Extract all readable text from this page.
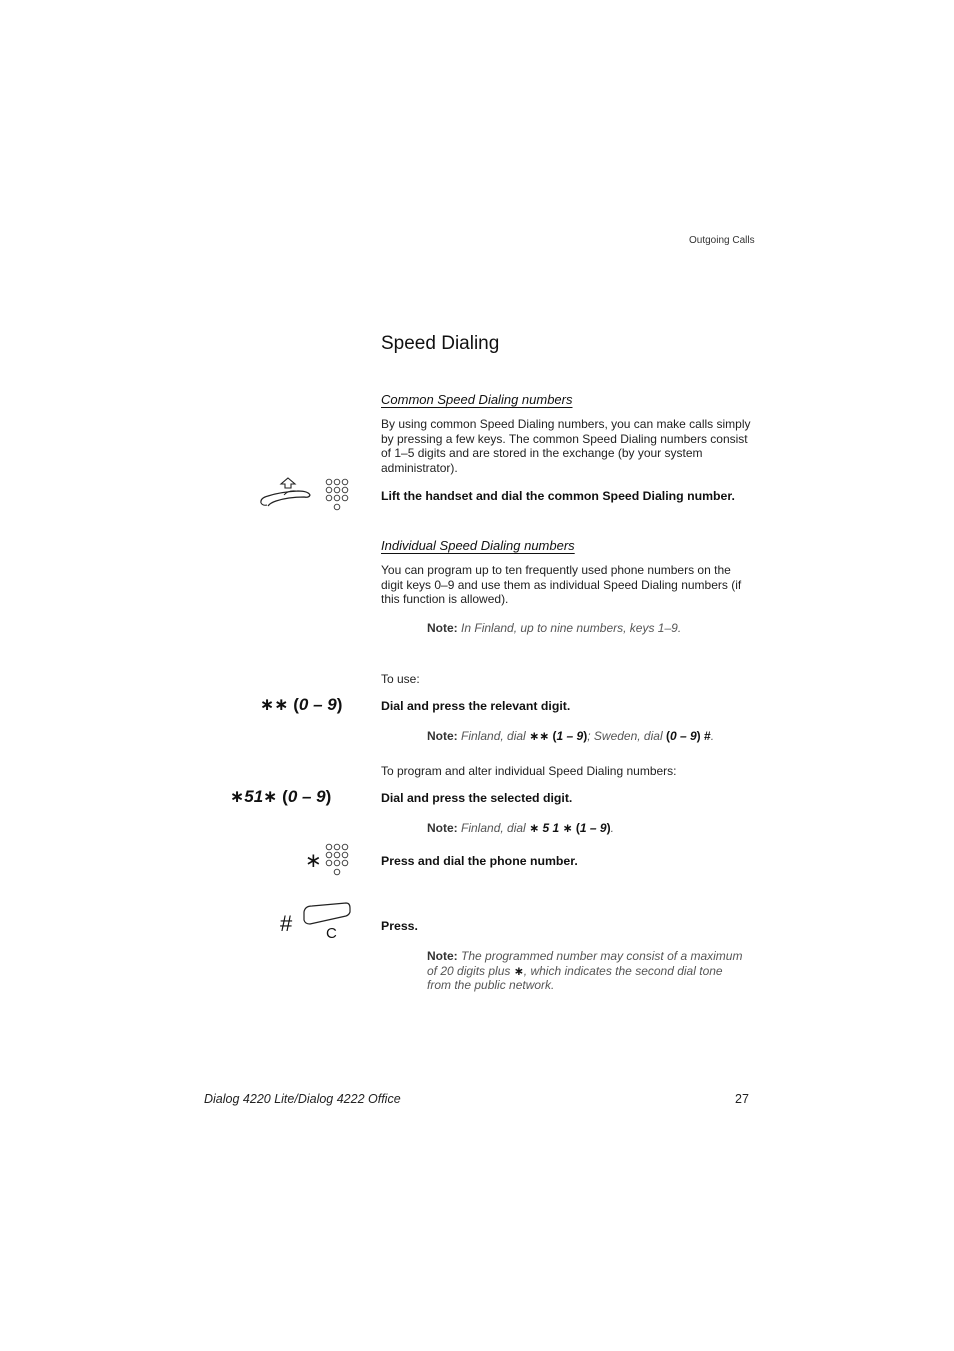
Outgoing Calls
Speed Dialing
Common Speed Dialing numbers
By using common Speed Dialing numbers, you can make calls simply by pressing a few keys. The common Speed Dialing numbers consist of 1–5 digits and are stored in the exchange (by your system administrator).
Lift the handset and dial the common Speed Dialing number.
Individual Speed Dialing numbers
You can program up to ten frequently used phone numbers on the digit keys 0–9 and use them as individual Speed Dialing numbers (if this function is allowed).
Note: In Finland, up to nine numbers, keys 1–9.
To use:
∗∗ (0 – 9)	Dial and press the relevant digit.
Note: Finland, dial ∗∗ (1 – 9); Sweden, dial (0 – 9) #.
To program and alter individual Speed Dialing numbers:
∗51∗ (0 – 9)	Dial and press the selected digit.
Note: Finland, dial ∗ 5 1 ∗ (1 – 9).
∗	Press and dial the phone number.
# C	Press.
Note: The programmed number may consist of a maximum of 20 digits plus ∗, which indicates the second dial tone from the public network.
Dialog 4220 Lite/Dialog 4222 Office	27
